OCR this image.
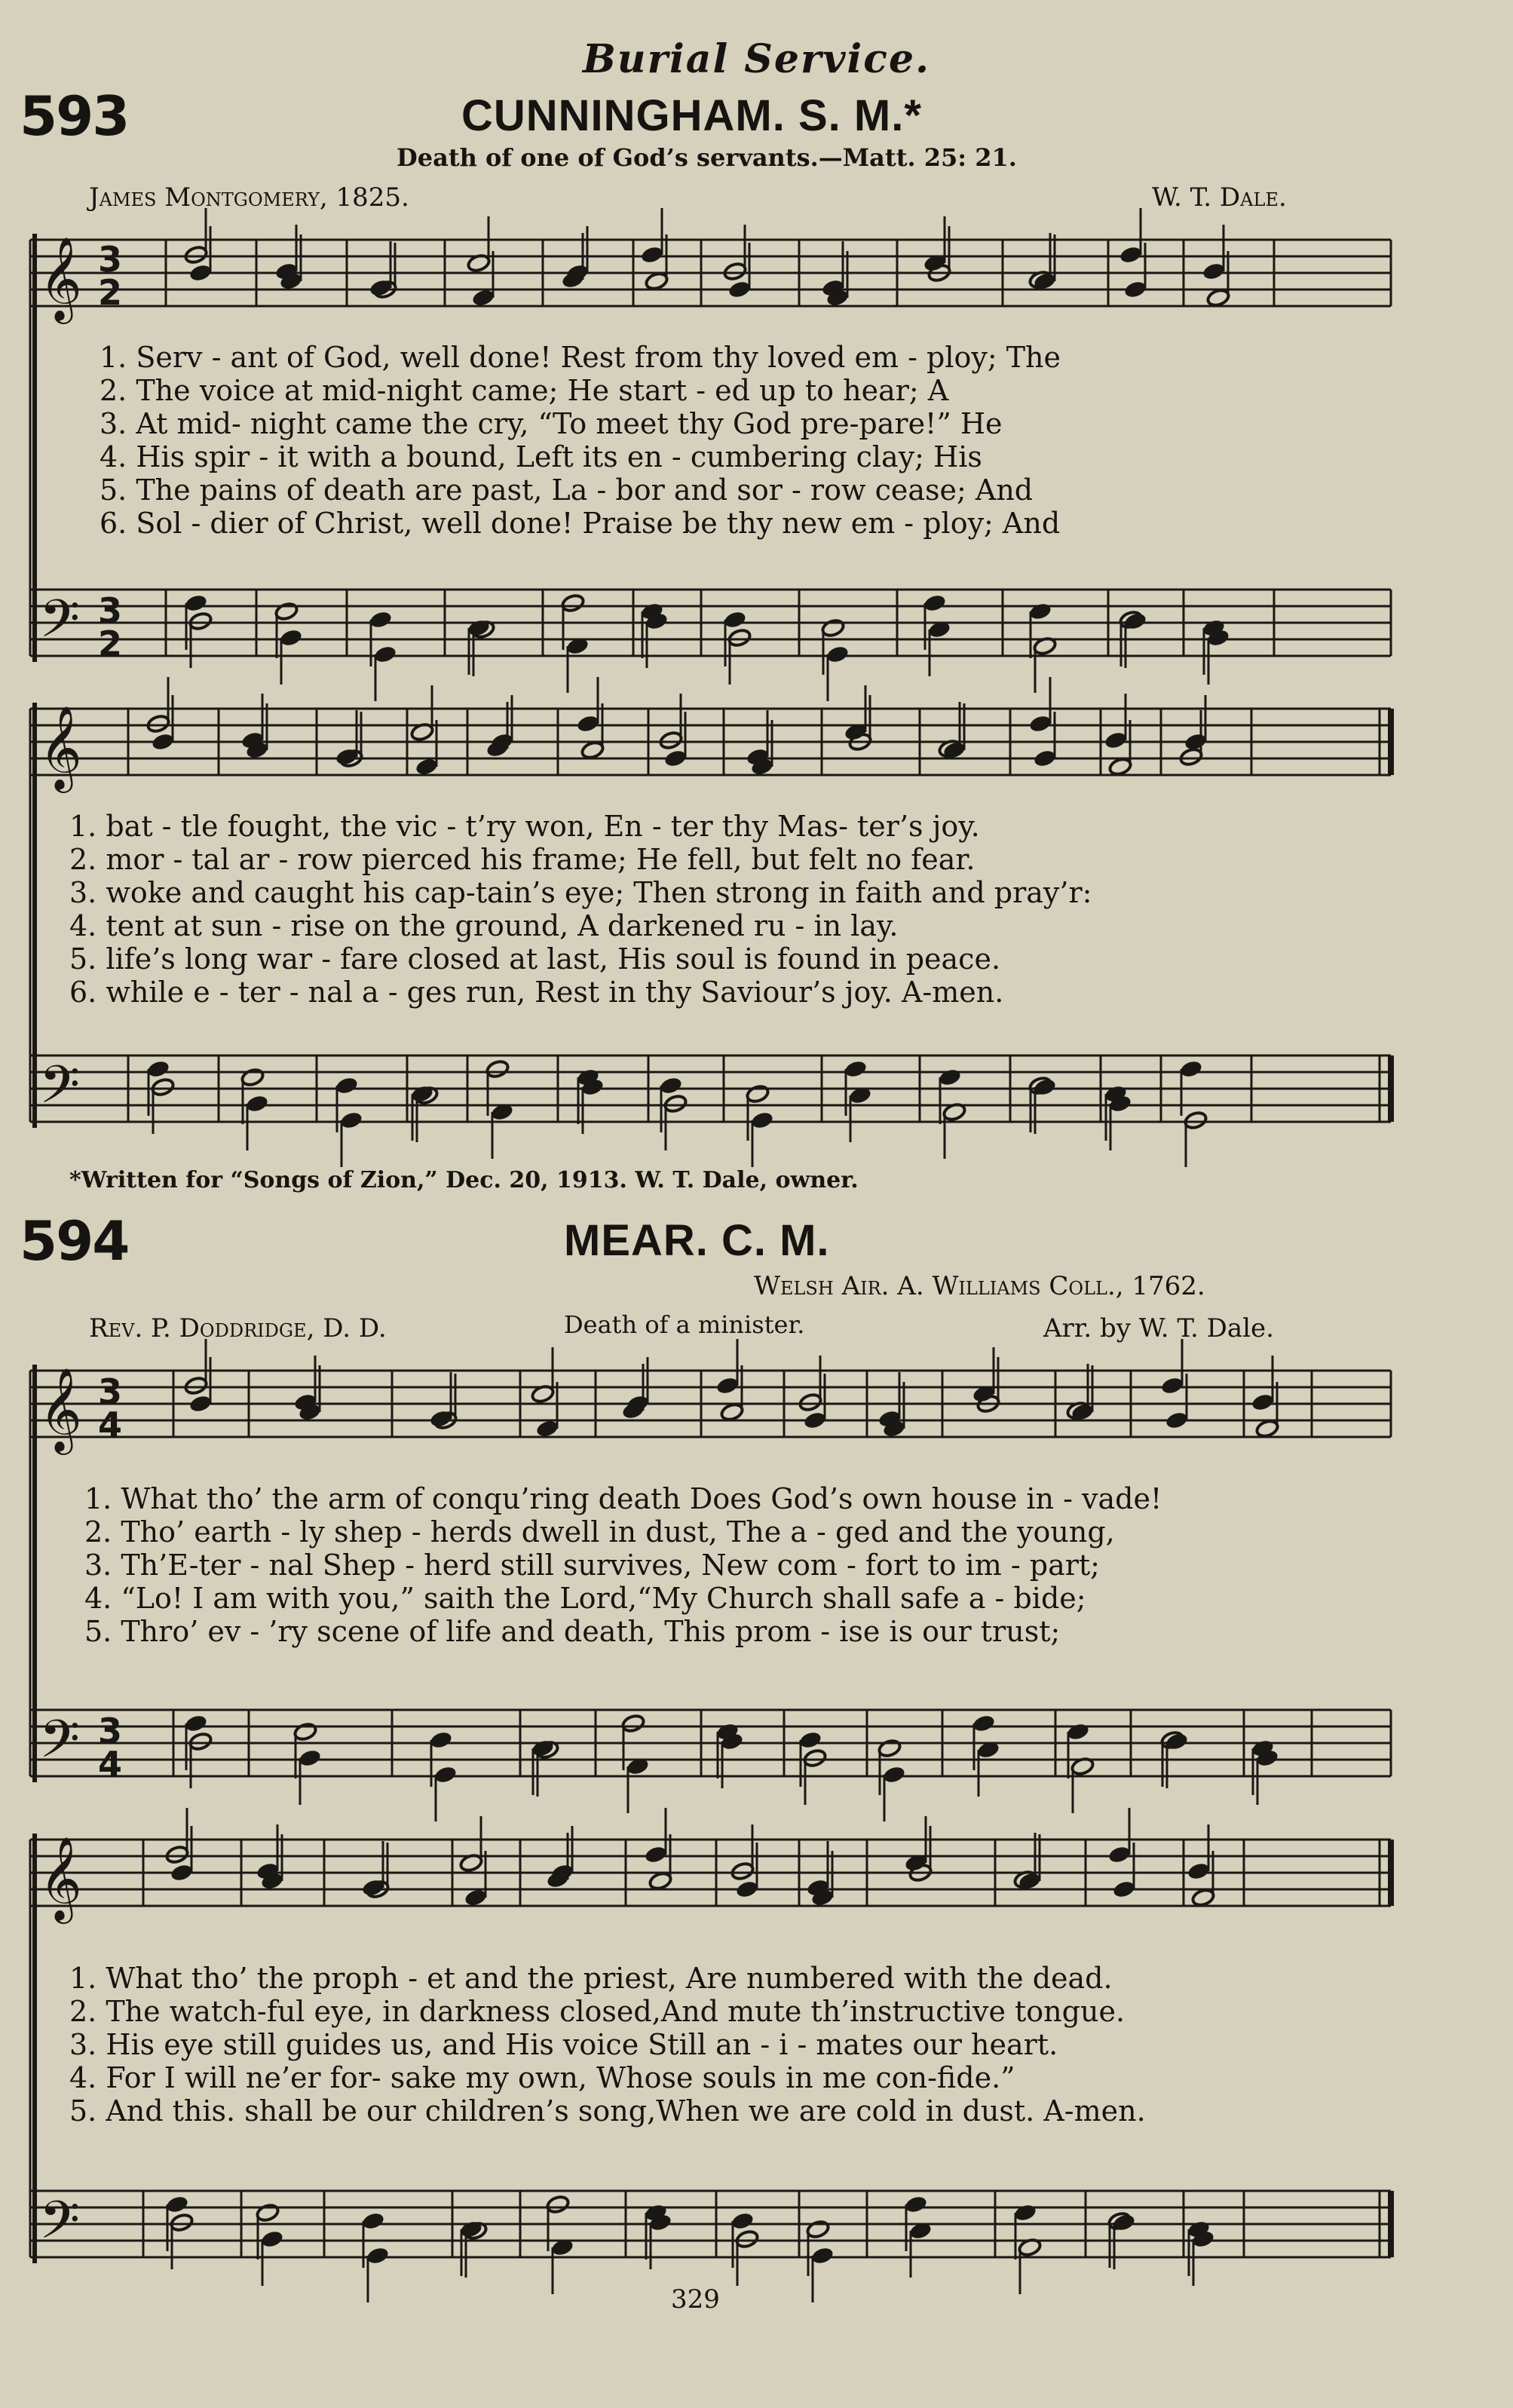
Burial Service.
593	CUNNINGHAM. S. M.*
Death of one of God’s servants.—Matt. 25: 21.
James Montgomery, 1825.	W. T. Dale.
𝄞
𝄞
𝄞
𝄞
𝄢
𝄢
𝄢
𝄢
3
2
3
2
3
4
3
4
1. Serv - ant of God, well done! Rest from thy loved em - ploy; The
2. The voice at mid-night came; He start - ed up to hear; A
3. At mid- night came the cry, “To meet thy God pre-pare!” He
4. His spir - it with a bound, Left its en - cumbering clay; His
5. The pains of death are past, La - bor and sor - row cease; And
6. Sol - dier of Christ, well done! Praise be thy new em - ploy; And
1. bat - tle fought, the vic - t’ry won, En - ter thy Mas- ter’s joy.
2. mor - tal ar - row pierced his frame; He fell, but felt no fear.
3. woke and caught his cap-tain’s eye; Then strong in faith and pray’r:
4. tent at sun - rise on the ground, A darkened ru - in lay.
5. life’s long war - fare closed at last, His soul is found in peace.
6. while e - ter - nal a - ges run, Rest in thy Saviour’s joy. A-men.
*Written for “Songs of Zion,” Dec. 20, 1913. W. T. Dale, owner.
594	MEAR. C. M.
Welsh Air. A. Williams Coll., 1762.
Rev. P. Doddridge, D. D.	Death of a minister.	Arr. by W. T. Dale.
1. What tho’ the arm of conqu’ring death Does God’s own house in - vade!
2. Tho’ earth - ly shep - herds dwell in dust, The a - ged and the young,
3. Th’E-ter - nal Shep - herd still survives, New com - fort to im - part;
4. “Lo! I am with you,” saith the Lord,“My Church shall safe a - bide;
5. Thro’ ev - ’ry scene of life and death, This prom - ise is our trust;
1. What tho’ the proph - et and the priest, Are numbered with the dead.
2. The watch-ful eye, in darkness closed,And mute th’instructive tongue.
3. His eye still guides us, and His voice Still an - i - mates our heart.
4. For I will ne’er for- sake my own, Whose souls in me con-fide.”
5. And this. shall be our children’s song,When we are cold in dust. A-men.
329
